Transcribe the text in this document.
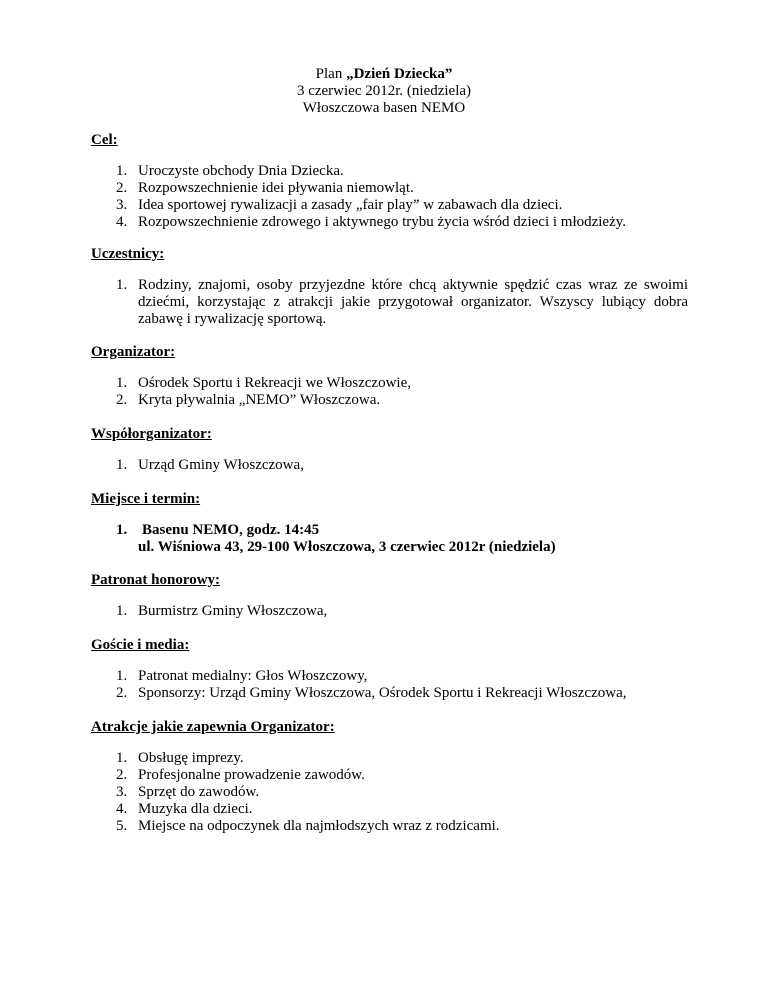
Plan „Dzień Dziecka”
3 czerwiec 2012r. (niedziela)
Włoszczowa basen NEMO

Cel:

1. Uroczyste obchody Dnia Dziecka.
2. Rozpowszechnienie idei pływania niemowląt.
3. Idea sportowej rywalizacji a zasady „fair play” w zabawach dla dzieci.
4. Rozpowszechnienie zdrowego i aktywnego trybu życia wśród dzieci i młodzieży.

Uczestnicy:

1. Rodziny, znajomi, osoby przyjezdne które chcą aktywnie spędzić czas wraz ze swoimi dziećmi, korzystając z atrakcji jakie przygotował organizator. Wszyscy lubiący dobra zabawę i rywalizację sportową.

Organizator:

1. Ośrodek Sportu i Rekreacji we Włoszczowie,
2. Kryta pływalnia „NEMO” Włoszczowa.

Współorganizator:

1. Urząd Gminy Włoszczowa,

Miejsce i termin:

1. Basenu NEMO, godz. 14:45
ul. Wiśniowa 43, 29-100 Włoszczowa, 3 czerwiec 2012r (niedziela)

Patronat honorowy:

1. Burmistrz Gminy Włoszczowa,

Goście i media:

1. Patronat medialny: Głos Włoszczowy,
2. Sponsorzy: Urząd Gminy Włoszczowa, Ośrodek Sportu i Rekreacji Włoszczowa,

Atrakcje jakie zapewnia Organizator:

1. Obsługę imprezy.
2. Profesjonalne prowadzenie zawodów.
3. Sprzęt do zawodów.
4. Muzyka dla dzieci.
5. Miejsce na odpoczynek dla najmłodszych wraz z rodzicami.
